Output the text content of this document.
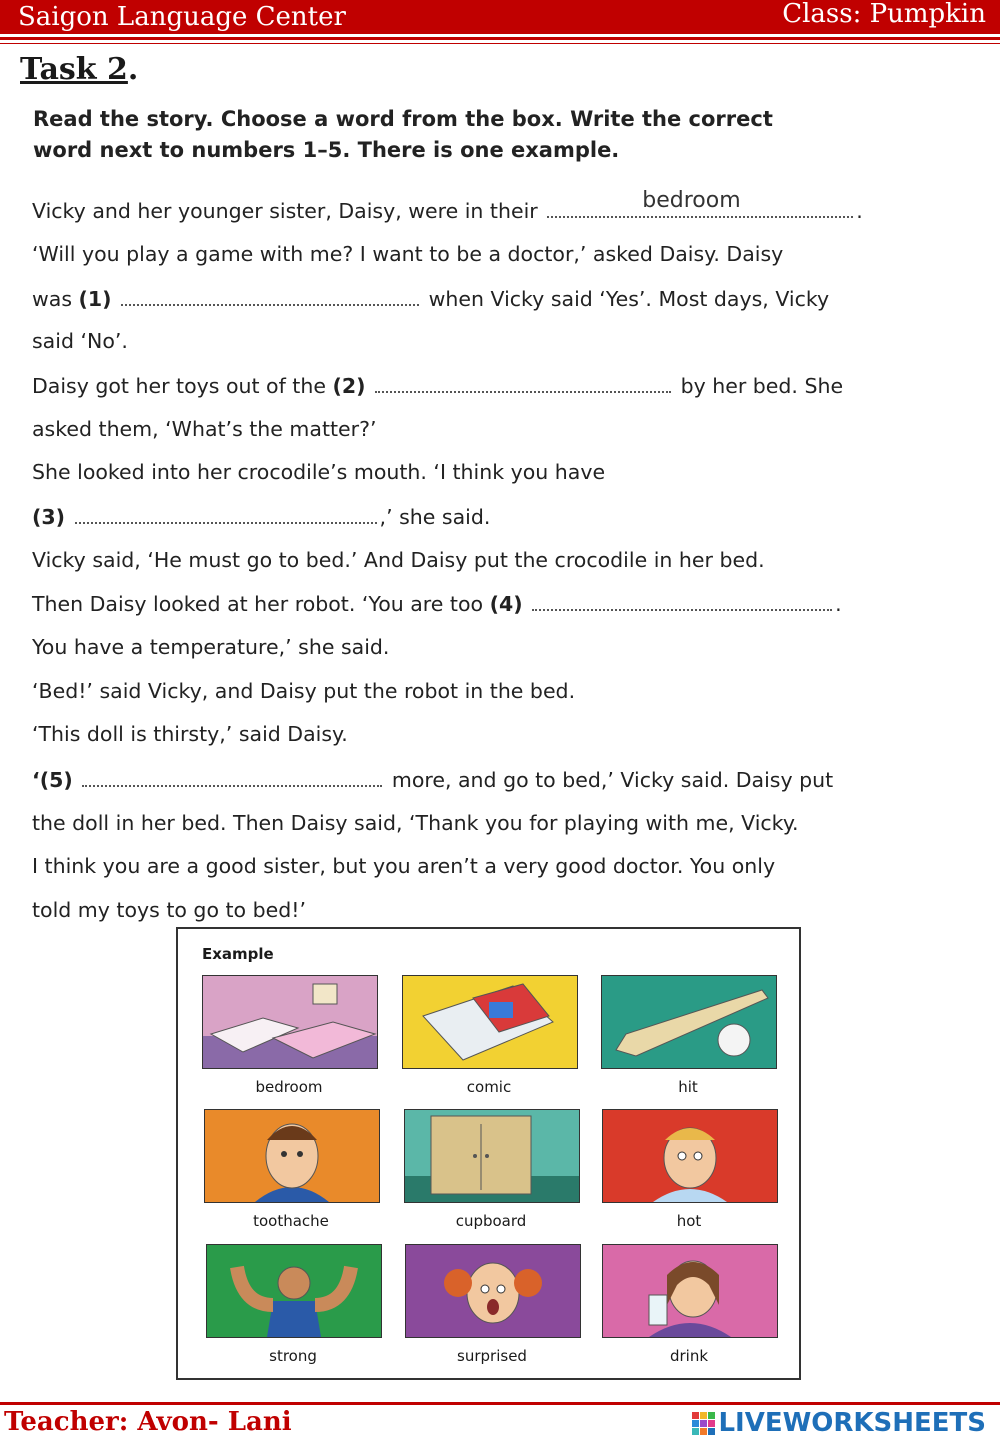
Saigon Language Center	Class: Pumpkin
Task 2.
Read the story. Choose a word from the box. Write the correct
word next to numbers 1–5. There is one example.
Vicky and her younger sister, Daisy, were in their	bedroom	.
‘Will you play a game with me? I want to be a doctor,’ asked Daisy. Daisy
was (1)	when Vicky said ‘Yes’. Most days, Vicky
said ‘No’.
Daisy got her toys out of the (2)	by her bed. She
asked them, ‘What’s the matter?’
She looked into her crocodile’s mouth. ‘I think you have
(3)	,’ she said.
Vicky said, ‘He must go to bed.’ And Daisy put the crocodile in her bed.
Then Daisy looked at her robot. ‘You are too (4)	.
You have a temperature,’ she said.
‘Bed!’ said Vicky, and Daisy put the robot in the bed.
‘This doll is thirsty,’ said Daisy.
‘(5)	more, and go to bed,’ Vicky said. Daisy put
the doll in her bed. Then Daisy said, ‘Thank you for playing with me, Vicky.
I think you are a good sister, but you aren’t a very good doctor. You only
told my toys to go to bed!’
Example
bedroom	comic	hit
toothache	cupboard	hot
strong	surprised	drink
Teacher: Avon- Lani	LIVEWORKSHEETS
